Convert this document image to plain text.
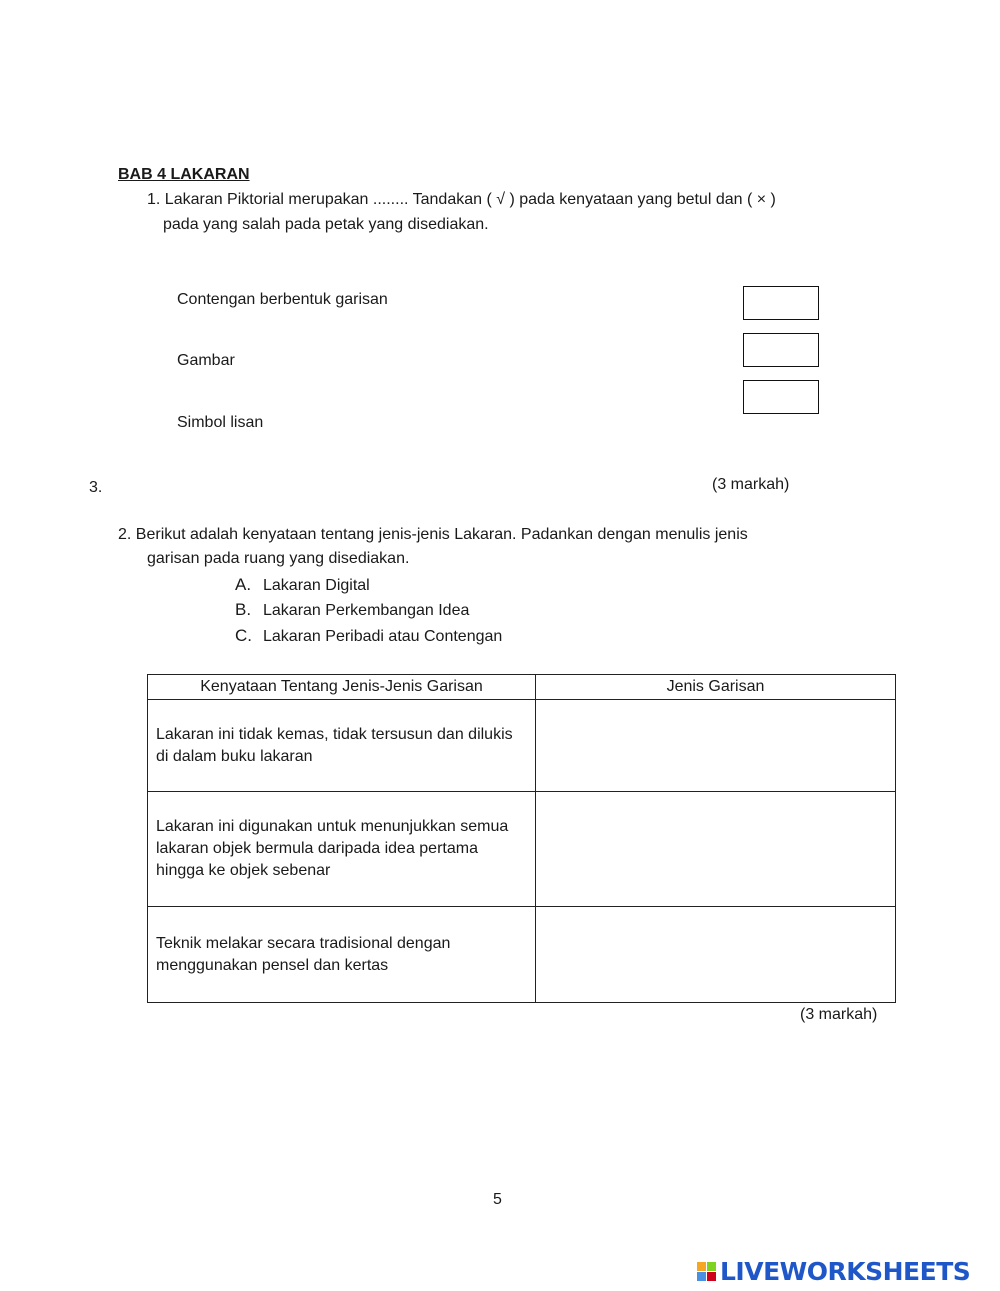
BAB 4 LAKARAN
1. Lakaran Piktorial merupakan ........ Tandakan ( √ ) pada kenyataan yang betul dan ( × )
pada yang salah pada petak yang disediakan.
Contengan berbentuk garisan
Gambar
Simbol lisan
3.	(3 markah)
2. Berikut adalah kenyataan tentang jenis-jenis Lakaran. Padankan dengan menulis jenis
garisan pada ruang yang disediakan.
A. Lakaran Digital
B. Lakaran Perkembangan Idea
C. Lakaran Peribadi atau Contengan
Kenyataan Tentang Jenis-Jenis Garisan	Jenis Garisan

Lakaran ini tidak kemas, tidak tersusun dan dilukis
di dalam buku lakaran	

Lakaran ini digunakan untuk menunjukkan semua
lakaran objek bermula daripada idea pertama
hingga ke objek sebenar	

Teknik melakar secara tradisional dengan
menggunakan pensel dan kertas	

(3 markah)
5
LIVEWORKSHEETS
